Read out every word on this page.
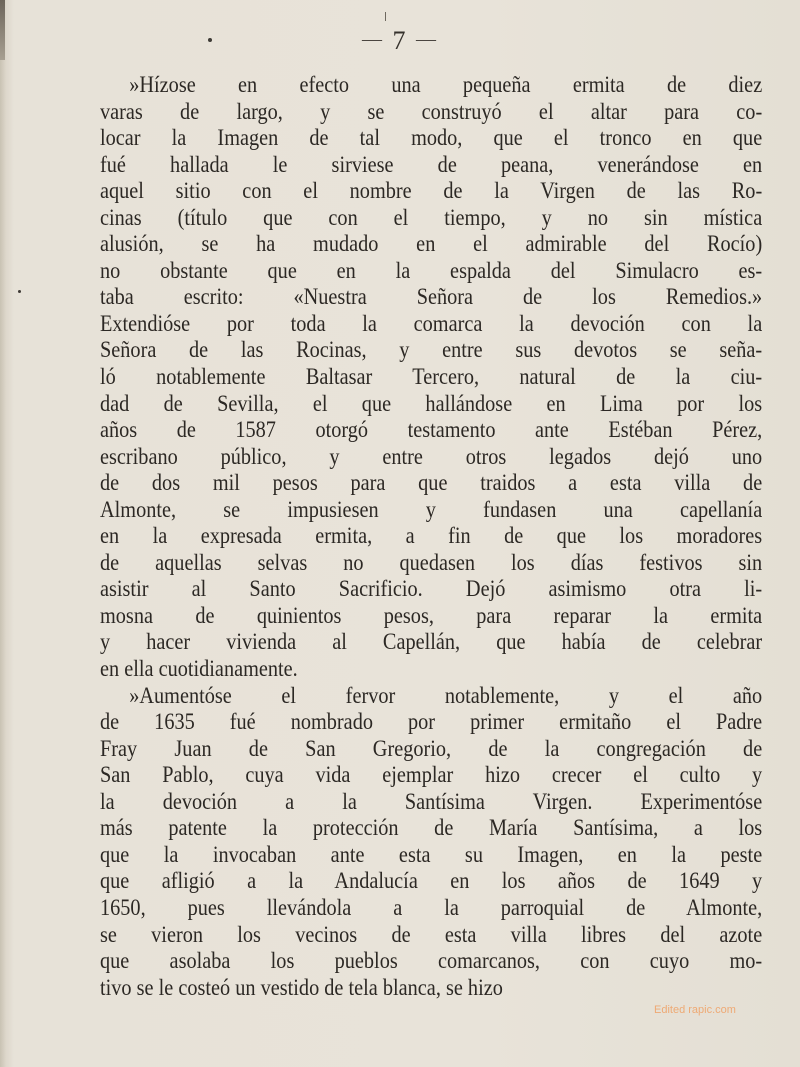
— 7 —
»Hízose en efecto una pequeña ermita de diez
varas de largo, y se construyó el altar para co-
locar la Imagen de tal modo, que el tronco en que
fué hallada le sirviese de peana, venerándose en
aquel sitio con el nombre de la Virgen de las Ro-
cinas (título que con el tiempo, y no sin mística
alusión, se ha mudado en el admirable del Rocío)
no obstante que en la espalda del Simulacro es-
taba escrito: «Nuestra Señora de los Remedios.»
Extendióse por toda la comarca la devoción con la
Señora de las Rocinas, y entre sus devotos se seña-
ló notablemente Baltasar Tercero, natural de la ciu-
dad de Sevilla, el que hallándose en Lima por los
años de 1587 otorgó testamento ante Estéban Pérez,
escribano público, y entre otros legados dejó uno
de dos mil pesos para que traidos a esta villa de
Almonte, se impusiesen y fundasen una capellanía
en la expresada ermita, a fin de que los moradores
de aquellas selvas no quedasen los días festivos sin
asistir al Santo Sacrificio. Dejó asimismo otra li-
mosna de quinientos pesos, para reparar la ermita
y hacer vivienda al Capellán, que había de celebrar
en ella cuotidianamente.
»Aumentóse el fervor notablemente, y el año
de 1635 fué nombrado por primer ermitaño el Padre
Fray Juan de San Gregorio, de la congregación de
San Pablo, cuya vida ejemplar hizo crecer el culto y
la devoción a la Santísima Virgen. Experimentóse
más patente la protección de María Santísima, a los
que la invocaban ante esta su Imagen, en la peste
que afligió a la Andalucía en los años de 1649 y
1650, pues llevándola a la parroquial de Almonte,
se vieron los vecinos de esta villa libres del azote
que asolaba los pueblos comarcanos, con cuyo mo-
tivo se le costeó un vestido de tela blanca, se hizo
Edited rapic.com
